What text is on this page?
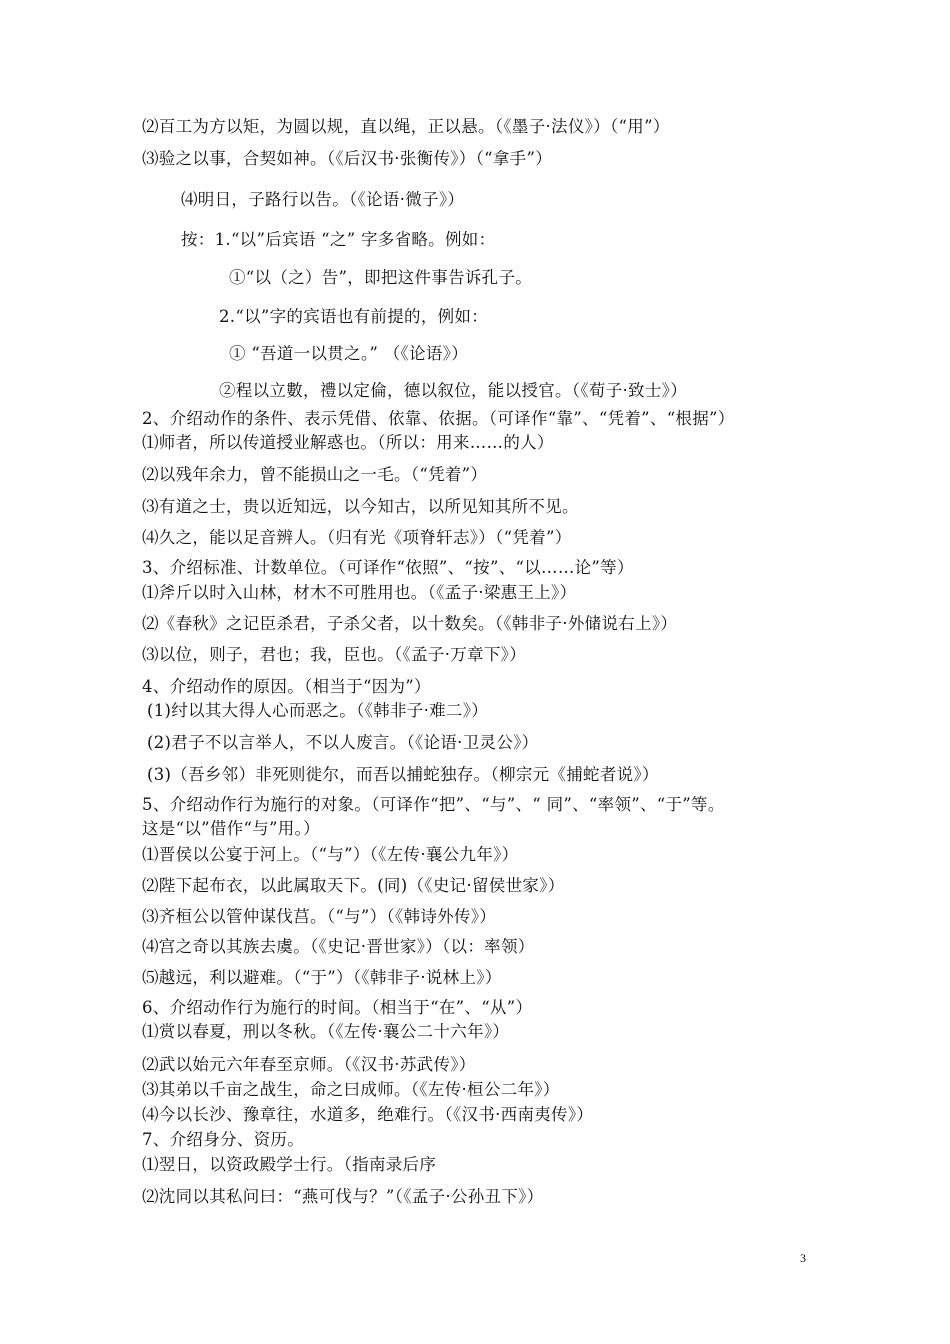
⑵百工为方以矩，为圆以规，直以绳，正以悬。（《墨子·法仪》）（“用”）
⑶验之以事，合契如神。（《后汉书·张衡传》）（“拿手”）
⑷明日，子路行以告。（《论语·微子》）
按：1.“以”后宾语 “之” 字多省略。例如：
①“以（之）告”，即把这件事告诉孔子。
2.“以”字的宾语也有前提的，例如：
① “吾道一以贯之。” （《论语》）
②程以立數，禮以定倫，德以叙位，能以授官。（《荀子·致士》）
2、介绍动作的条件、表示凭借、依靠、依据。（可译作“靠”、“凭着”、“根据”）
⑴师者，所以传道授业解惑也。（所以：用来……的人）
⑵以残年余力，曾不能损山之一毛。（“凭着”）
⑶有道之士，贵以近知远，以今知古，以所见知其所不见。
⑷久之，能以足音辨人。（归有光《项脊轩志》）（“凭着”）
3、介绍标准、计数单位。（可译作“依照”、“按”、“以……论”等）
⑴斧斤以时入山林，材木不可胜用也。（《孟子·梁惠王上》）
⑵《春秋》之记臣杀君，子杀父者，以十数矣。（《韩非子·外储说右上》）
⑶以位，则子，君也；我，臣也。（《孟子·万章下》）
4、介绍动作的原因。（相当于“因为”）
(1)纣以其大得人心而恶之。（《韩非子·难二》）
(2)君子不以言举人，不以人废言。（《论语·卫灵公》）
(3)（吾乡邻）非死则徙尔，而吾以捕蛇独存。（柳宗元《捕蛇者说》）
5、介绍动作行为施行的对象。（可译作“把”、“与”、“ 同”、“率领”、“于”等。
这是“以”借作“与”用。）
⑴晋侯以公宴于河上。（“与”）（《左传·襄公九年》）
⑵陛下起布衣，以此属取天下。(同)（《史记·留侯世家》）
⑶齐桓公以管仲谋伐莒。（“与”）（《韩诗外传》）
⑷宫之奇以其族去虞。（《史记·晋世家》）（以：率领）
⑸越远，利以避难。（“于”）（《韩非子·说林上》）
6、介绍动作行为施行的时间。（相当于“在”、“从”）
⑴赏以春夏，刑以冬秋。（《左传·襄公二十六年》）
⑵武以始元六年春至京师。（《汉书·苏武传》）
⑶其弟以千亩之战生，命之曰成师。（《左传·桓公二年》）
⑷今以长沙、豫章往，水道多，绝难行。（《汉书·西南夷传》）
7、介绍身分、资历。
⑴翌日，以资政殿学士行。（指南录后序
⑵沈同以其私问曰：“燕可伐与？”（《孟子·公孙丑下》）
3
